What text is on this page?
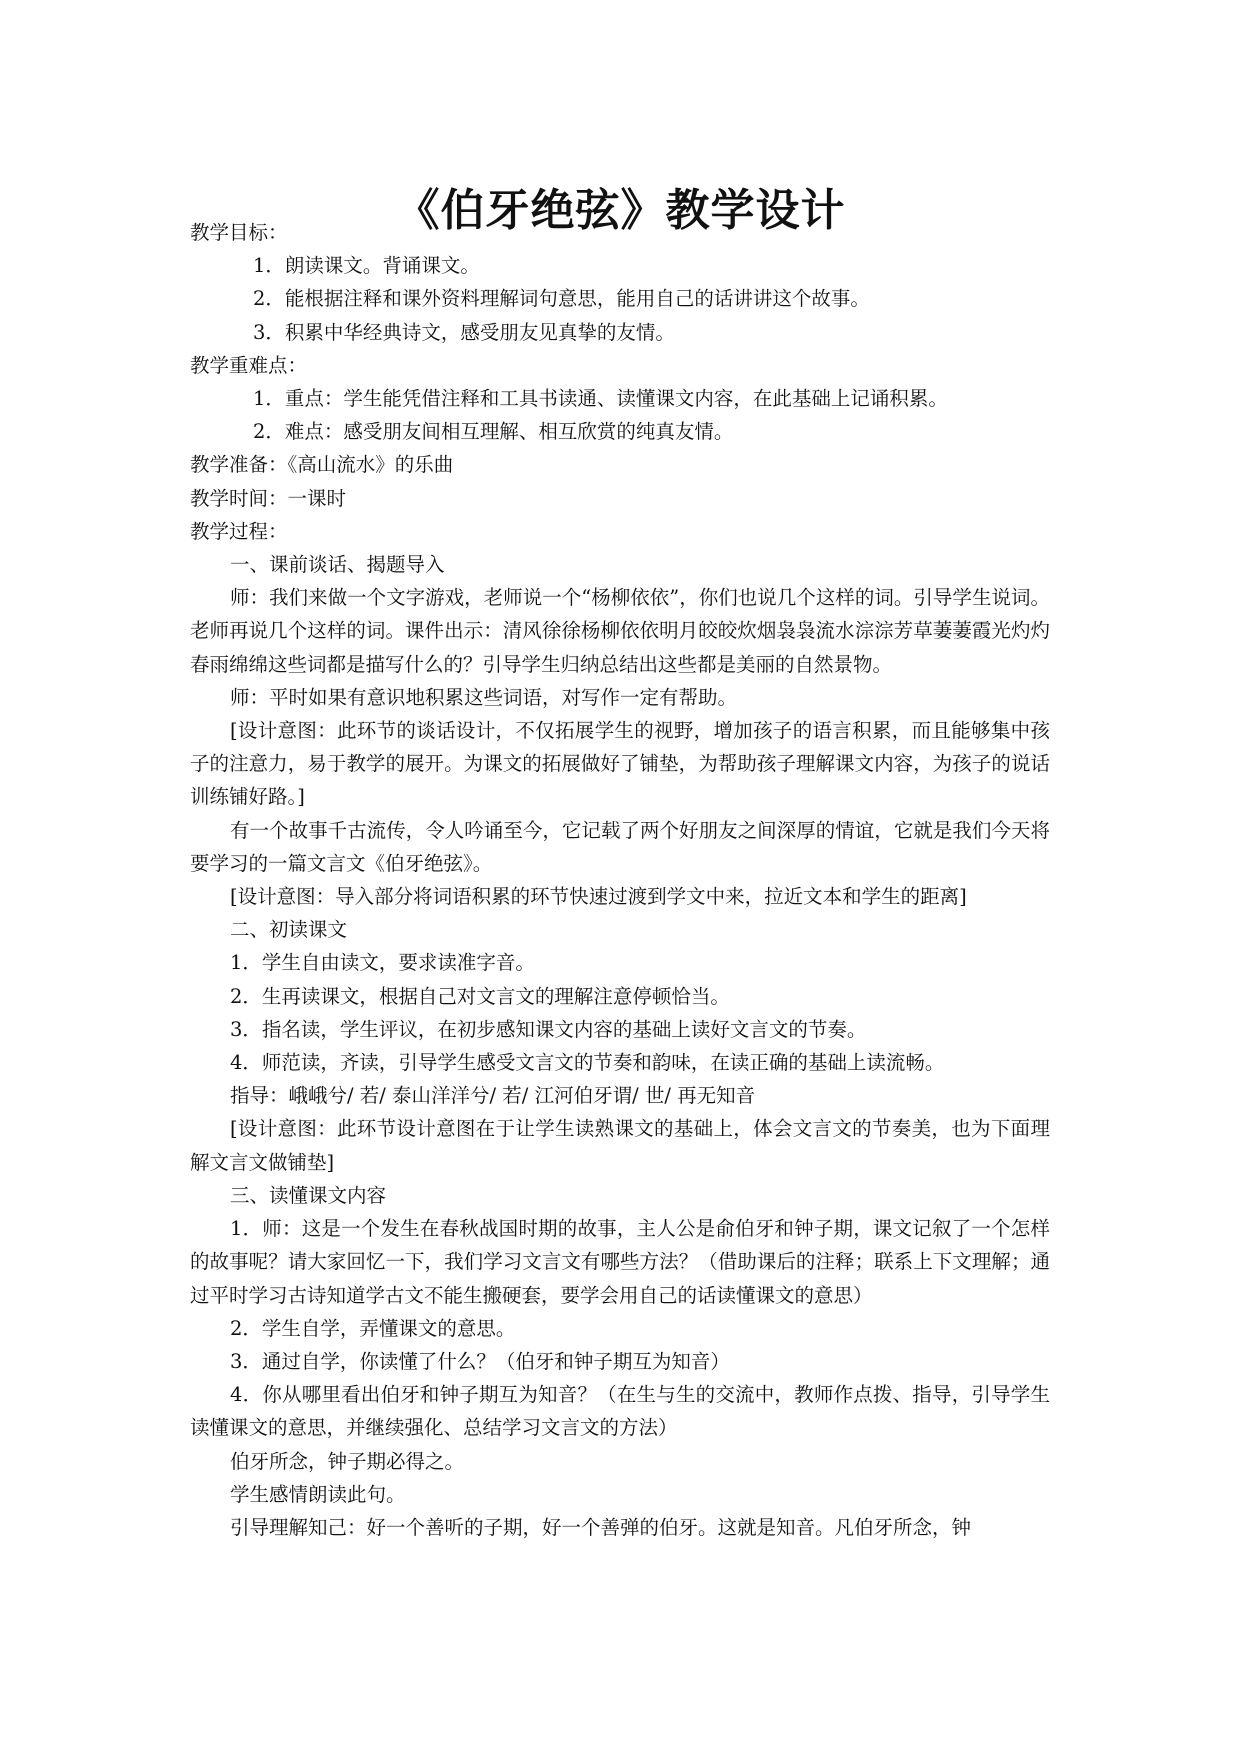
《伯牙绝弦》教学设计

教学目标：

1．朗读课文。背诵课文。

2．能根据注释和课外资料理解词句意思，能用自己的话讲讲这个故事。

3．积累中华经典诗文，感受朋友见真挚的友情。

教学重难点：

1．重点：学生能凭借注释和工具书读通、读懂课文内容，在此基础上记诵积累。

2．难点：感受朋友间相互理解、相互欣赏的纯真友情。

教学准备：《高山流水》的乐曲

教学时间：一课时

教学过程：

一、课前谈话、揭题导入

师：我们来做一个文字游戏，老师说一个“杨柳依依”，你们也说几个这样的词。引导学生说词。老师再说几个这样的词。课件出示：清风徐徐杨柳依依明月皎皎炊烟袅袅流水淙淙芳草萋萋霞光灼灼春雨绵绵这些词都是描写什么的？引导学生归纳总结出这些都是美丽的自然景物。

师：平时如果有意识地积累这些词语，对写作一定有帮助。

[设计意图：此环节的谈话设计，不仅拓展学生的视野，增加孩子的语言积累，而且能够集中孩子的注意力，易于教学的展开。为课文的拓展做好了铺垫，为帮助孩子理解课文内容，为孩子的说话训练铺好路。]

有一个故事千古流传，令人吟诵至今，它记载了两个好朋友之间深厚的情谊，它就是我们今天将要学习的一篇文言文《伯牙绝弦》。

[设计意图：导入部分将词语积累的环节快速过渡到学文中来，拉近文本和学生的距离]

二、初读课文

1．学生自由读文，要求读准字音。

2．生再读课文，根据自己对文言文的理解注意停顿恰当。

3．指名读，学生评议，在初步感知课文内容的基础上读好文言文的节奏。

4．师范读，齐读，引导学生感受文言文的节奏和韵味，在读正确的基础上读流畅。

指导：峨峨兮/ 若/ 泰山洋洋兮/ 若/ 江河伯牙谓/ 世/ 再无知音

[设计意图：此环节设计意图在于让学生读熟课文的基础上，体会文言文的节奏美，也为下面理解文言文做铺垫]

三、读懂课文内容

1．师：这是一个发生在春秋战国时期的故事，主人公是俞伯牙和钟子期，课文记叙了一个怎样的故事呢？请大家回忆一下，我们学习文言文有哪些方法？（借助课后的注释；联系上下文理解；通过平时学习古诗知道学古文不能生搬硬套，要学会用自己的话读懂课文的意思）

2．学生自学，弄懂课文的意思。

3．通过自学，你读懂了什么？（伯牙和钟子期互为知音）

4．你从哪里看出伯牙和钟子期互为知音？（在生与生的交流中，教师作点拨、指导，引导学生读懂课文的意思，并继续强化、总结学习文言文的方法）

伯牙所念，钟子期必得之。

学生感情朗读此句。

引导理解知己：好一个善听的子期，好一个善弹的伯牙。这就是知音。凡伯牙所念，钟
